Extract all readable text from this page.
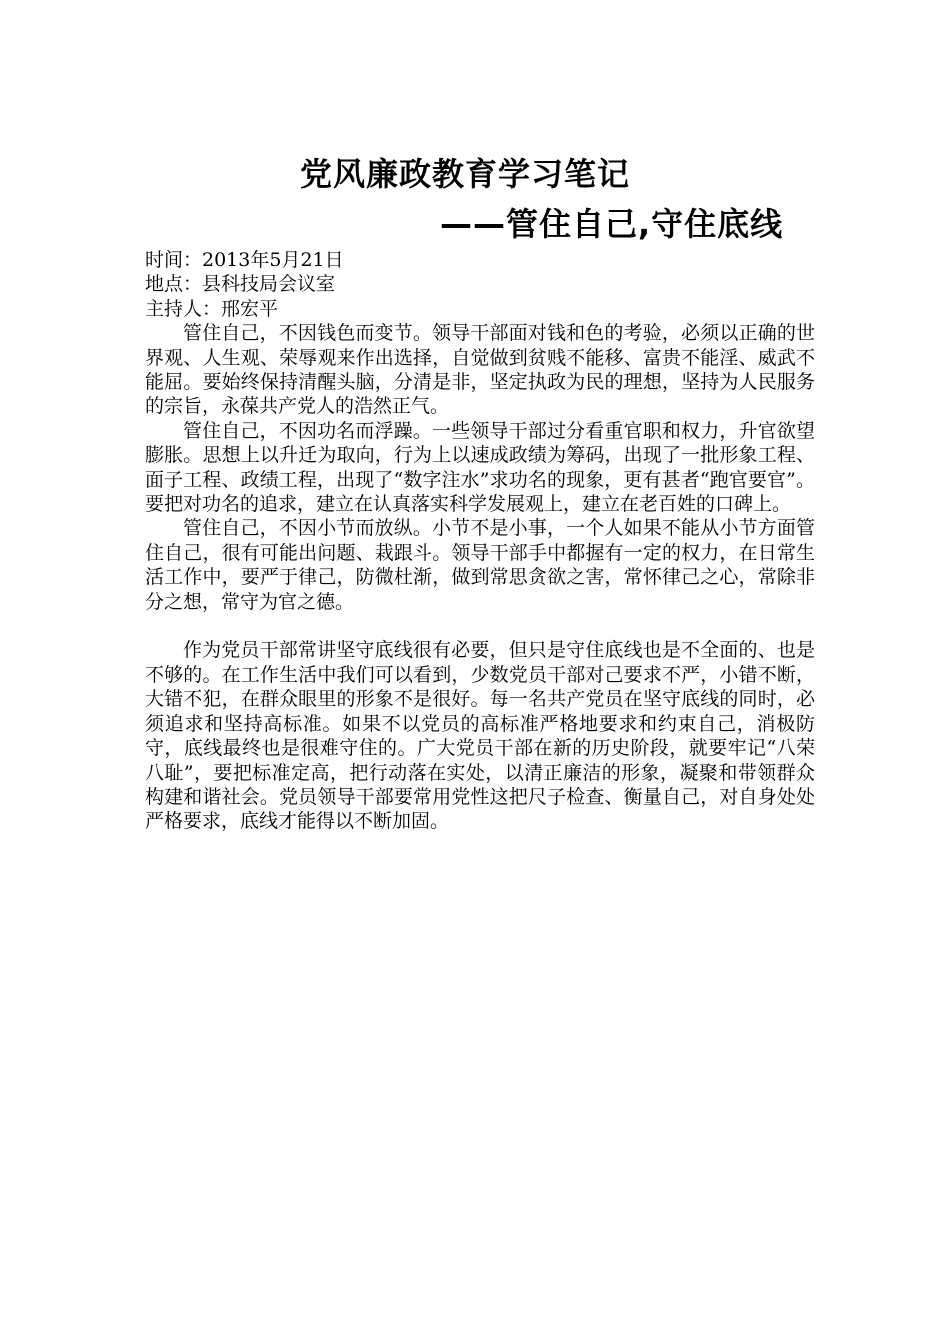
党风廉政教育学习笔记
——管住自己,守住底线

时间：2013年5月21日

地点：县科技局会议室

主持人：邢宏平

管住自己，不因钱色而变节。领导干部面对钱和色的考验，必须以正确的世界观、人生观、荣辱观来作出选择，自觉做到贫贱不能移、富贵不能淫、威武不能屈。要始终保持清醒头脑，分清是非，坚定执政为民的理想，坚持为人民服务的宗旨，永葆共产党人的浩然正气。

管住自己，不因功名而浮躁。一些领导干部过分看重官职和权力，升官欲望膨胀。思想上以升迁为取向，行为上以速成政绩为筹码，出现了一批形象工程、面子工程、政绩工程，出现了“数字注水”求功名的现象，更有甚者“跑官要官”。要把对功名的追求，建立在认真落实科学发展观上，建立在老百姓的口碑上。

管住自己，不因小节而放纵。小节不是小事，一个人如果不能从小节方面管住自己，很有可能出问题、栽跟斗。领导干部手中都握有一定的权力，在日常生活工作中，要严于律己，防微杜渐，做到常思贪欲之害，常怀律己之心，常除非分之想，常守为官之德。

作为党员干部常讲坚守底线很有必要，但只是守住底线也是不全面的、也是不够的。在工作生活中我们可以看到，少数党员干部对己要求不严，小错不断，大错不犯，在群众眼里的形象不是很好。每一名共产党员在坚守底线的同时，必须追求和坚持高标准。如果不以党员的高标准严格地要求和约束自己，消极防守，底线最终也是很难守住的。广大党员干部在新的历史阶段，就要牢记“八荣八耻”，要把标准定高，把行动落在实处，以清正廉洁的形象，凝聚和带领群众构建和谐社会。党员领导干部要常用党性这把尺子检查、衡量自己，对自身处处严格要求，底线才能得以不断加固。
